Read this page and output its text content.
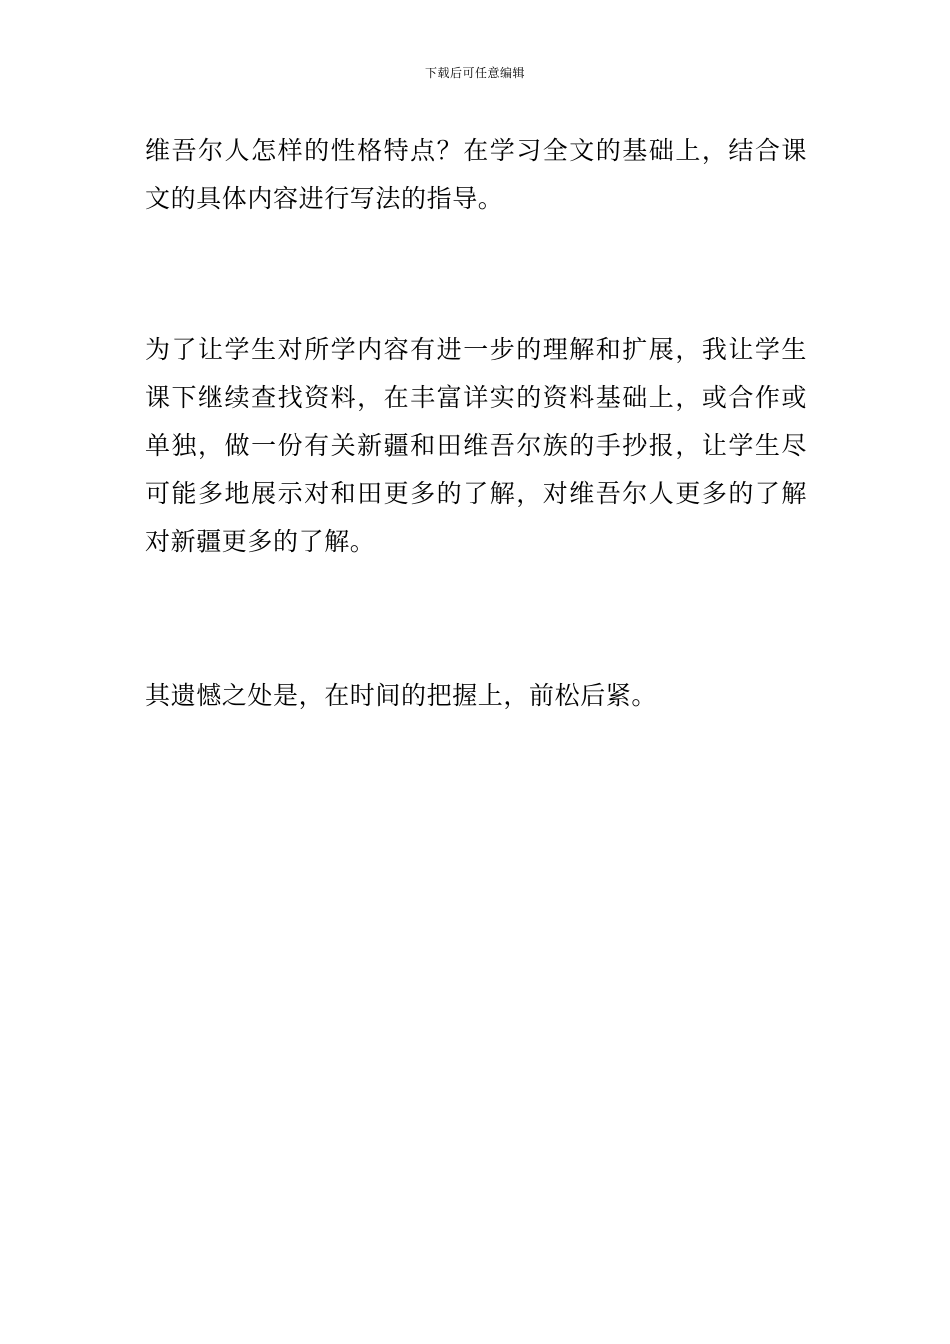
下载后可任意编辑

维吾尔人怎样的性格特点？在学习全文的基础上，结合课文的具体内容进行写法的指导。

为了让学生对所学内容有进一步的理解和扩展，我让学生课下继续查找资料，在丰富详实的资料基础上，或合作或单独，做一份有关新疆和田维吾尔族的手抄报，让学生尽可能多地展示对和田更多的了解，对维吾尔人更多的了解对新疆更多的了解。

其遗憾之处是，在时间的把握上，前松后紧。
